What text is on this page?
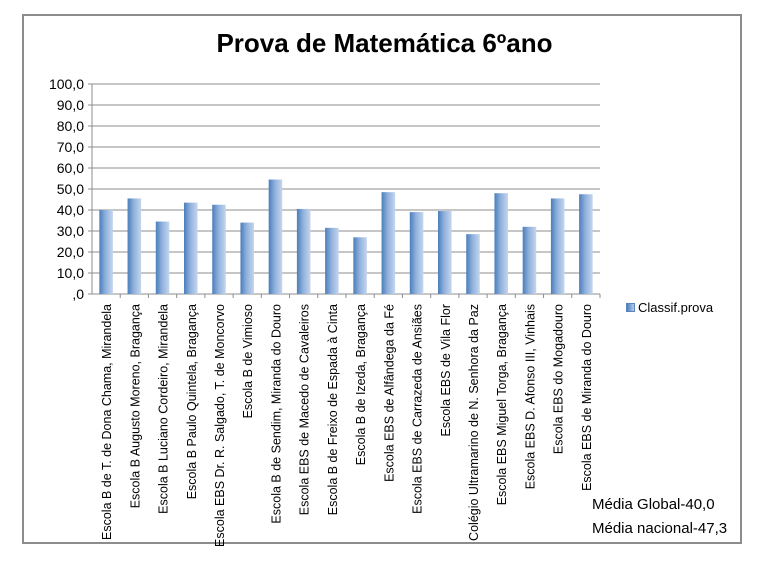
Prova de Matemática 6ºano
100,0
90,0
80,0
70,0
60,0
50,0
40,0
30,0
20,0
10,0
,0
Escola B de T. de Dona Chama, Mirandela Escola B Augusto Moreno, Bragança Escola B Luciano Cordeiro, Mirandela Escola B Paulo Quintela, Bragança Escola EBS Dr. R. Salgado, T. de Moncorvo Escola B de Vimioso Escola B de Sendim, Miranda do Douro Escola EBS de Macedo de Cavaleiros Escola B de Freixo de Espada à Cinta Escola B de Izeda, Bragança Escola EBS de Alfândega da Fé Escola EBS de Carrazeda de Ansiães Escola EBS de Vila Flor Colégio Ultramarino de N. Senhora da Paz Escola EBS Miguel Torga, Bragança Escola EBS D. Afonso III, Vinhais Escola EBS do Mogadouro Escola EBS de Miranda do Douro	Classif.prova
Média Global-40,0
Média nacional-47,3
